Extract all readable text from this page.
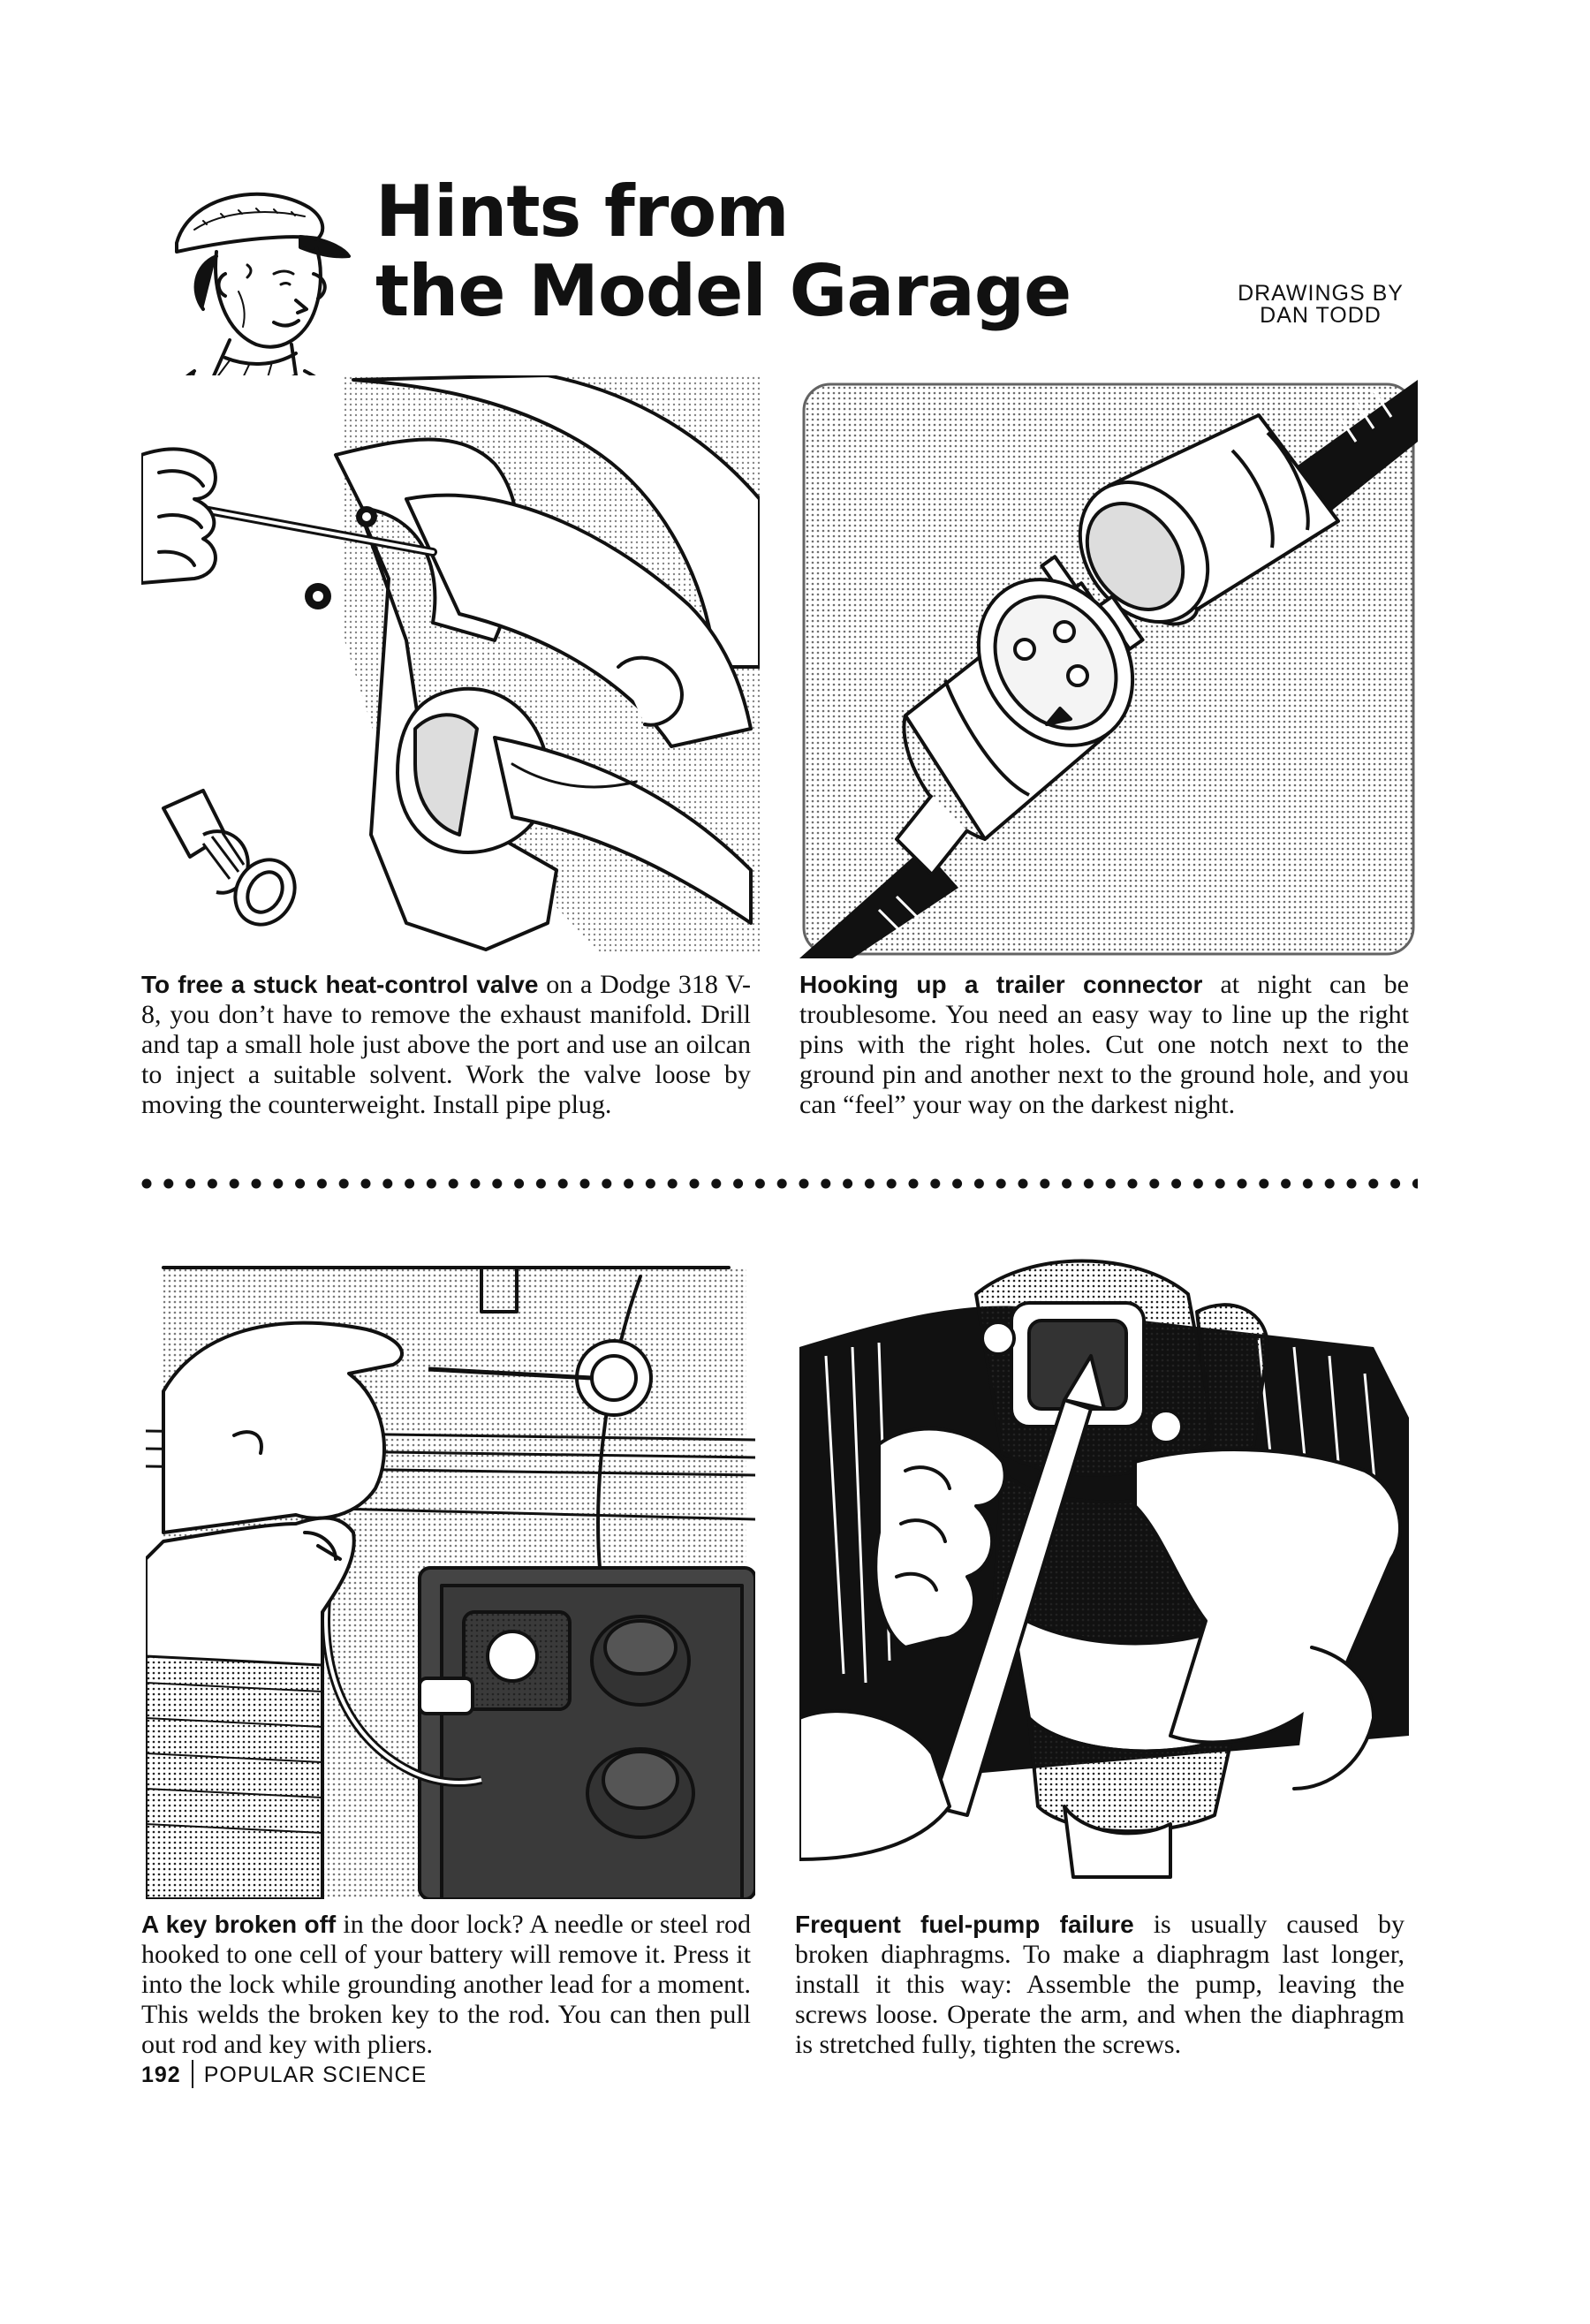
Hints from
the Model Garage	DRAWINGS BY
DAN TODD
To free a stuck heat-control valve on a Dodge 318 V-8, you don’t have to remove the exhaust manifold. Drill and tap a small hole just above the port and use an oilcan to inject a suitable solvent. Work the valve loose by moving the counterweight. Install pipe plug.
Hooking up a trailer connector at night can be troublesome. You need an easy way to line up the right pins with the right holes. Cut one notch next to the ground pin and another next to the ground hole, and you can “feel” your way on the darkest night.
A key broken off in the door lock? A needle or steel rod hooked to one cell of your battery will remove it. Press it into the lock while grounding another lead for a moment. This welds the broken key to the rod. You can then pull out rod and key with pliers.
Frequent fuel-pump failure is usually caused by broken diaphragms. To make a diaphragm last longer, install it this way: Assemble the pump, leaving the screws loose. Operate the arm, and when the diaphragm is stretched fully, tighten the screws.
192 POPULAR SCIENCE
